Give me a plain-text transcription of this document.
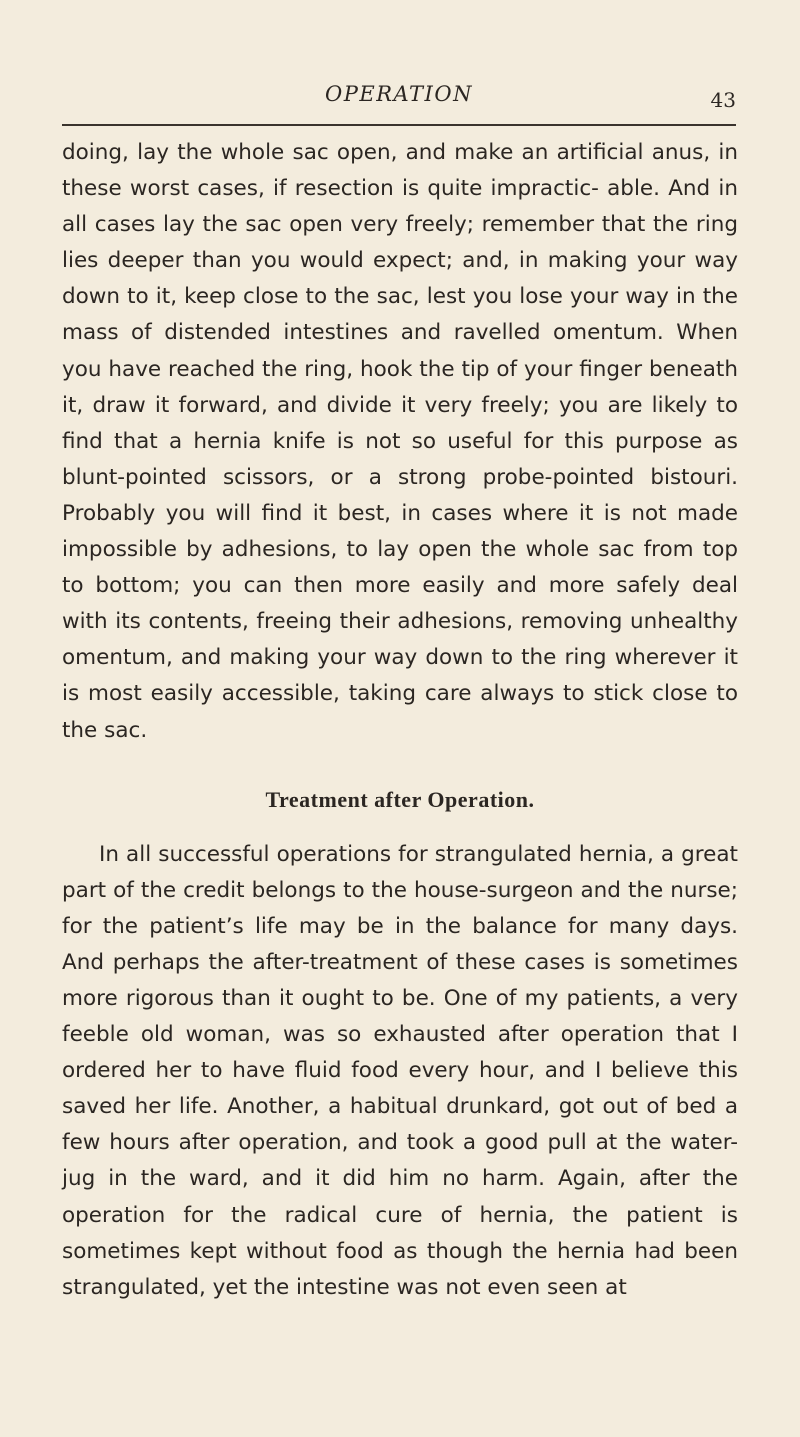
OPERATION	43

doing, lay the whole sac open, and make an artificial anus, in these worst cases, if resection is quite impractic- able. And in all cases lay the sac open very freely; remember that the ring lies deeper than you would expect; and, in making your way down to it, keep close to the sac, lest you lose your way in the mass of distended intestines and ravelled omentum. When you have reached the ring, hook the tip of your finger beneath it, draw it forward, and divide it very freely; you are likely to find that a hernia knife is not so useful for this purpose as blunt-pointed scissors, or a strong probe-pointed bistouri. Probably you will find it best, in cases where it is not made impossible by adhesions, to lay open the whole sac from top to bottom; you can then more easily and more safely deal with its contents, freeing their adhesions, removing unhealthy omentum, and making your way down to the ring wherever it is most easily accessible, taking care always to stick close to the sac.

Treatment after Operation.

In all successful operations for strangulated hernia, a great part of the credit belongs to the house-surgeon and the nurse; for the patient’s life may be in the balance for many days. And perhaps the after-treatment of these cases is sometimes more rigorous than it ought to be. One of my patients, a very feeble old woman, was so exhausted after operation that I ordered her to have fluid food every hour, and I believe this saved her life. Another, a habitual drunkard, got out of bed a few hours after operation, and took a good pull at the water-jug in the ward, and it did him no harm. Again, after the operation for the radical cure of hernia, the patient is sometimes kept without food as though the hernia had been strangulated, yet the intestine was not even seen at
